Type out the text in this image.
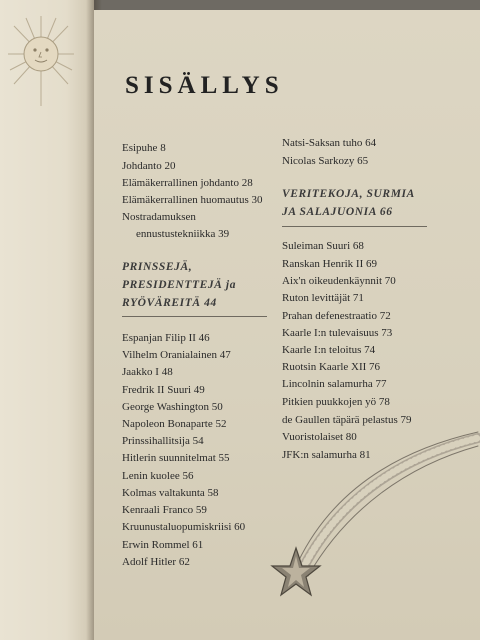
SISÄLLYS
Esipuhe 8
Johdanto 20
Elämäkerrallinen johdanto 28
Elämäkerrallinen huomautus 30
Nostradamuksen
ennustustekniikka 39
PRINSSEJÄ,
PRESIDENTTEJÄ ja
RYÖVÄREITÄ 44
Espanjan Filip II 46
Vilhelm Oranialainen 47
Jaakko I 48
Fredrik II Suuri 49
George Washington 50
Napoleon Bonaparte 52
Prinssihallitsija 54
Hitlerin suunnitelmat 55
Lenin kuolee 56
Kolmas valtakunta 58
Kenraali Franco 59
Kruunustaluopumiskriisi 60
Erwin Rommel 61
Adolf Hitler 62
Natsi-Saksan tuho 64
Nicolas Sarkozy 65
VERITEKOJA, SURMIA
JA SALAJUONIA 66
Suleiman Suuri 68
Ranskan Henrik II 69
Aix'n oikeudenkäynnit 70
Ruton levittäjät 71
Prahan defenestraatio 72
Kaarle I:n tulevaisuus 73
Kaarle I:n teloitus 74
Ruotsin Kaarle XII 76
Lincolnin salamurha 77
Pitkien puukkojen yö 78
de Gaullen täpärä pelastus 79
Vuoristolaiset 80
JFK:n salamurha 81
